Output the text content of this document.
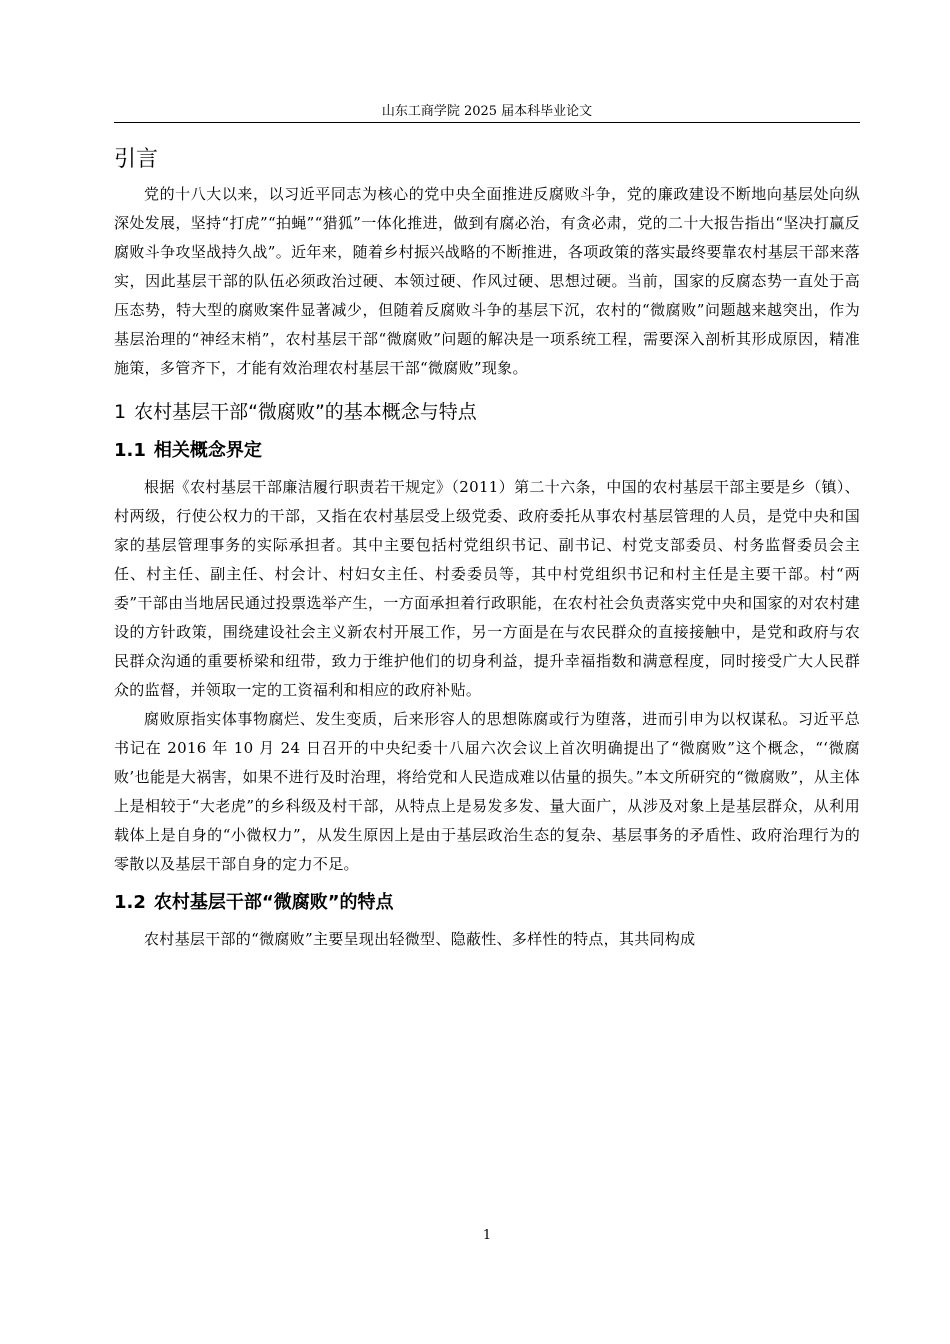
山东工商学院 2025 届本科毕业论文
引言

党的十八大以来，以习近平同志为核心的党中央全面推进反腐败斗争，党的廉政建设不断地向基层处向纵深处发展，坚持“打虎”“拍蝇”“猎狐”一体化推进，做到有腐必治，有贪必肃，党的二十大报告指出“坚决打赢反腐败斗争攻坚战持久战”。近年来，随着乡村振兴战略的不断推进，各项政策的落实最终要靠农村基层干部来落实，因此基层干部的队伍必须政治过硬、本领过硬、作风过硬、思想过硬。当前，国家的反腐态势一直处于高压态势，特大型的腐败案件显著减少，但随着反腐败斗争的基层下沉，农村的“微腐败”问题越来越突出，作为基层治理的“神经末梢”，农村基层干部“微腐败”问题的解决是一项系统工程，需要深入剖析其形成原因，精准施策，多管齐下，才能有效治理农村基层干部“微腐败”现象。

1 农村基层干部“微腐败”的基本概念与特点
1.1 相关概念界定

根据《农村基层干部廉洁履行职责若干规定》（2011）第二十六条，中国的农村基层干部主要是乡（镇）、村两级，行使公权力的干部，又指在农村基层受上级党委、政府委托从事农村基层管理的人员，是党中央和国家的基层管理事务的实际承担者。其中主要包括村党组织书记、副书记、村党支部委员、村务监督委员会主任、村主任、副主任、村会计、村妇女主任、村委委员等，其中村党组织书记和村主任是主要干部。村“两委”干部由当地居民通过投票选举产生，一方面承担着行政职能，在农村社会负责落实党中央和国家的对农村建设的方针政策，围绕建设社会主义新农村开展工作，另一方面是在与农民群众的直接接触中，是党和政府与农民群众沟通的重要桥梁和纽带，致力于维护他们的切身利益，提升幸福指数和满意程度，同时接受广大人民群众的监督，并领取一定的工资福利和相应的政府补贴。

腐败原指实体事物腐烂、发生变质，后来形容人的思想陈腐或行为堕落，进而引申为以权谋私。习近平总书记在 2016 年 10 月 24 日召开的中央纪委十八届六次会议上首次明确提出了“微腐败”这个概念，“‘微腐败’也能是大祸害，如果不进行及时治理，将给党和人民造成难以估量的损失。”本文所研究的“微腐败”，从主体上是相较于“大老虎”的乡科级及村干部，从特点上是易发多发、量大面广，从涉及对象上是基层群众，从利用载体上是自身的“小微权力”，从发生原因上是由于基层政治生态的复杂、基层事务的矛盾性、政府治理行为的零散以及基层干部自身的定力不足。

1.2 农村基层干部“微腐败”的特点

农村基层干部的“微腐败”主要呈现出轻微型、隐蔽性、多样性的特点，其共同构成

1
